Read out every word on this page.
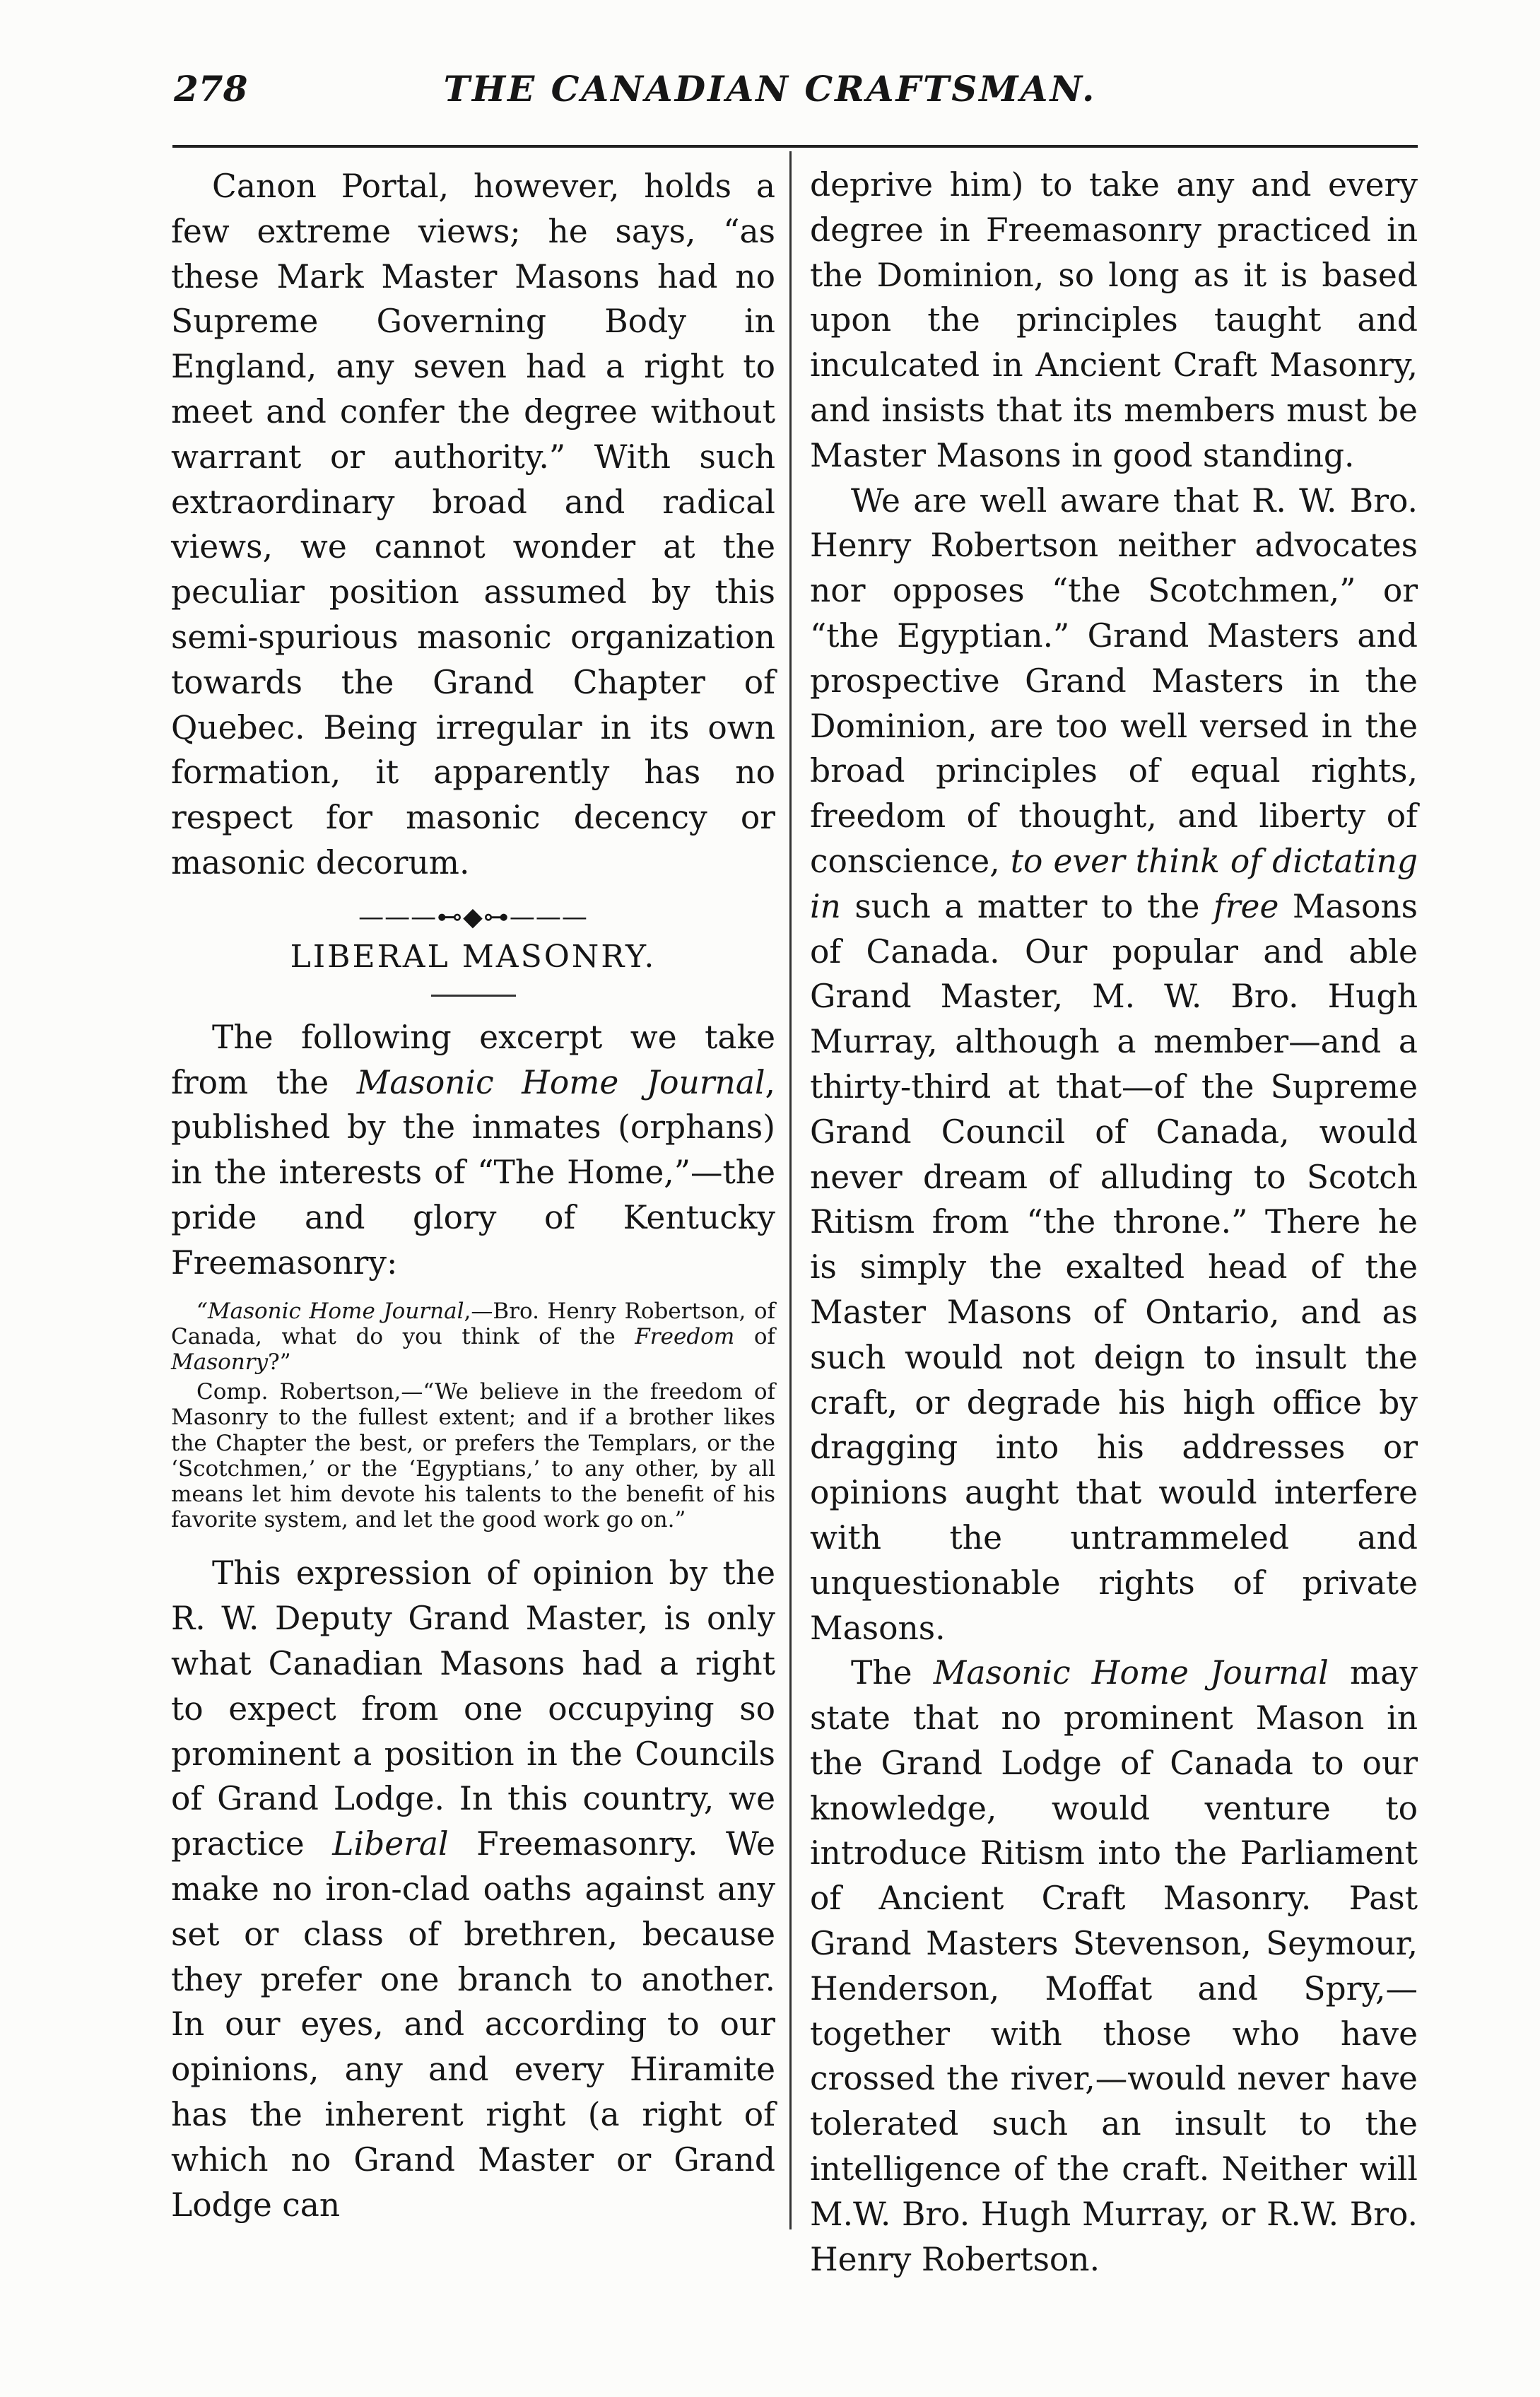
278	THE CANADIAN CRAFTSMAN.

Canon Portal, however, holds a few extreme views; he says, “as these Mark Master Masons had no Supreme Governing Body in England, any seven had a right to meet and confer the degree without warrant or authority.” With such extraordinary broad and radical views, we cannot wonder at the peculiar position assumed by this semi-spurious masonic organization towards the Grand Chapter of Quebec. Being irregular in its own formation, it apparently has no respect for masonic decency or masonic decorum.

———⊷◆⊶———
LIBERAL MASONRY.

The following excerpt we take from the Masonic Home Journal, published by the inmates (orphans) in the interests of “The Home,”—the pride and glory of Kentucky Freemasonry:

“Masonic Home Journal,—Bro. Henry Robertson, of Canada, what do you think of the Freedom of Masonry?”

Comp. Robertson,—“We believe in the freedom of Masonry to the fullest extent; and if a brother likes the Chapter the best, or prefers the Templars, or the ‘Scotchmen,’ or the ‘Egyptians,’ to any other, by all means let him devote his talents to the benefit of his favorite system, and let the good work go on.”

This expression of opinion by the R. W. Deputy Grand Master, is only what Canadian Masons had a right to expect from one occupying so prominent a position in the Councils of Grand Lodge. In this country, we practice Liberal Freemasonry. We make no iron-clad oaths against any set or class of brethren, because they prefer one branch to another. In our eyes, and according to our opinions, any and every Hiramite has the inherent right (a right of which no Grand Master or Grand Lodge can

deprive him) to take any and every degree in Freemasonry practiced in the Dominion, so long as it is based upon the principles taught and inculcated in Ancient Craft Masonry, and insists that its members must be Master Masons in good standing.

We are well aware that R. W. Bro. Henry Robertson neither advocates nor opposes “the Scotchmen,” or “the Egyptian.” Grand Masters and prospective Grand Masters in the Dominion, are too well versed in the broad principles of equal rights, freedom of thought, and liberty of conscience, to ever think of dictating in such a matter to the free Masons of Canada. Our popular and able Grand Master, M. W. Bro. Hugh Murray, although a member—and a thirty-third at that—of the Supreme Grand Council of Canada, would never dream of alluding to Scotch Ritism from “the throne.” There he is simply the exalted head of the Master Masons of Ontario, and as such would not deign to insult the craft, or degrade his high office by dragging into his addresses or opinions aught that would interfere with the untrammeled and unquestionable rights of private Masons.

The Masonic Home Journal may state that no prominent Mason in the Grand Lodge of Canada to our knowledge, would venture to introduce Ritism into the Parliament of Ancient Craft Masonry. Past Grand Masters Stevenson, Seymour, Henderson, Moffat and Spry,—together with those who have crossed the river,—would never have tolerated such an insult to the intelligence of the craft. Neither will M.W. Bro. Hugh Murray, or R.W. Bro. Henry Robertson.
